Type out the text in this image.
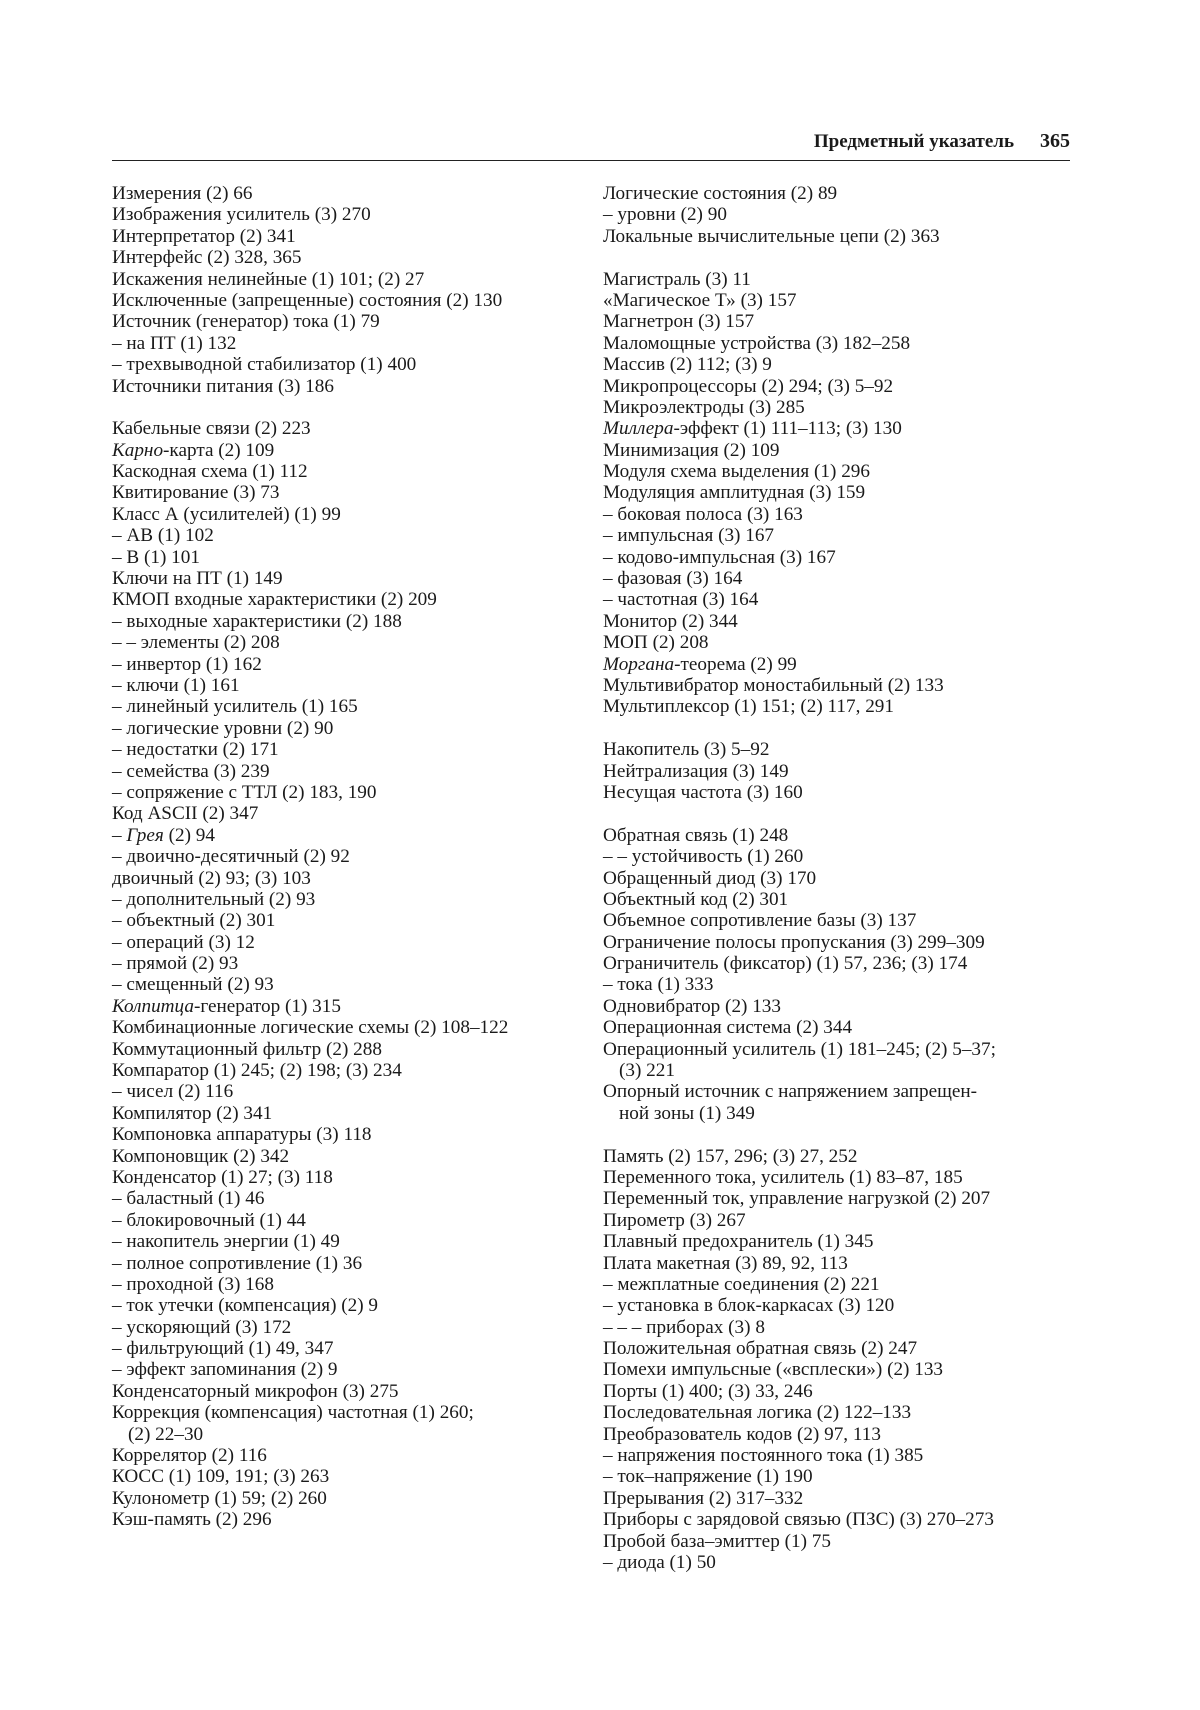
Предметный указатель 365
Измерения (2) 66
Изображения усилитель (3) 270
Интерпретатор (2) 341
Интерфейс (2) 328, 365
Искажения нелинейные (1) 101; (2) 27
Исключенные (запрещенные) состояния (2) 130
Источник (генератор) тока (1) 79
– на ПТ (1) 132
– трехвыводной стабилизатор (1) 400
Источники питания (3) 186
Кабельные связи (2) 223
Карно-карта (2) 109
Каскодная схема (1) 112
Квитирование (3) 73
Класс А (усилителей) (1) 99
– АВ (1) 102
– В (1) 101
Ключи на ПТ (1) 149
КМОП входные характеристики (2) 209
– выходные характеристики (2) 188
– – элементы (2) 208
– инвертор (1) 162
– ключи (1) 161
– линейный усилитель (1) 165
– логические уровни (2) 90
– недостатки (2) 171
– семейства (3) 239
– сопряжение с ТТЛ (2) 183, 190
Код ASCII (2) 347
– Грея (2) 94
– двоично-десятичный (2) 92
двоичный (2) 93; (3) 103
– дополнительный (2) 93
– объектный (2) 301
– операций (3) 12
– прямой (2) 93
– смещенный (2) 93
Колпитца-генератор (1) 315
Комбинационные логические схемы (2) 108–122
Коммутационный фильтр (2) 288
Компаратор (1) 245; (2) 198; (3) 234
– чисел (2) 116
Компилятор (2) 341
Компоновка аппаратуры (3) 118
Компоновщик (2) 342
Конденсатор (1) 27; (3) 118
– баластный (1) 46
– блокировочный (1) 44
– накопитель энергии (1) 49
– полное сопротивление (1) 36
– проходной (3) 168
– ток утечки (компенсация) (2) 9
– ускоряющий (3) 172
– фильтрующий (1) 49, 347
– эффект запоминания (2) 9
Конденсаторный микрофон (3) 275
Коррекция (компенсация) частотная (1) 260;
(2) 22–30
Коррелятор (2) 116
КОСС (1) 109, 191; (3) 263
Кулонометр (1) 59; (2) 260
Кэш-память (2) 296
Логические состояния (2) 89
– уровни (2) 90
Локальные вычислительные цепи (2) 363
Магистраль (3) 11
«Магическое Т» (3) 157
Магнетрон (3) 157
Маломощные устройства (3) 182–258
Массив (2) 112; (3) 9
Микропроцессоры (2) 294; (3) 5–92
Микроэлектроды (3) 285
Миллера-эффект (1) 111–113; (3) 130
Минимизация (2) 109
Модуля схема выделения (1) 296
Модуляция амплитудная (3) 159
– боковая полоса (3) 163
– импульсная (3) 167
– кодово-импульсная (3) 167
– фазовая (3) 164
– частотная (3) 164
Монитор (2) 344
МОП (2) 208
Моргана-теорема (2) 99
Мультивибратор моностабильный (2) 133
Мультиплексор (1) 151; (2) 117, 291
Накопитель (3) 5–92
Нейтрализация (3) 149
Несущая частота (3) 160
Обратная связь (1) 248
– – устойчивость (1) 260
Обращенный диод (3) 170
Объектный код (2) 301
Объемное сопротивление базы (3) 137
Ограничение полосы пропускания (3) 299–309
Ограничитель (фиксатор) (1) 57, 236; (3) 174
– тока (1) 333
Одновибратор (2) 133
Операционная система (2) 344
Операционный усилитель (1) 181–245; (2) 5–37;
(3) 221
Опорный источник с напряжением запрещен-
ной зоны (1) 349
Память (2) 157, 296; (3) 27, 252
Переменного тока, усилитель (1) 83–87, 185
Переменный ток, управление нагрузкой (2) 207
Пирометр (3) 267
Плавный предохранитель (1) 345
Плата макетная (3) 89, 92, 113
– межплатные соединения (2) 221
– установка в блок-каркасах (3) 120
– – – приборах (3) 8
Положительная обратная связь (2) 247
Помехи импульсные («всплески») (2) 133
Порты (1) 400; (3) 33, 246
Последовательная логика (2) 122–133
Преобразователь кодов (2) 97, 113
– напряжения постоянного тока (1) 385
– ток–напряжение (1) 190
Прерывания (2) 317–332
Приборы с зарядовой связью (ПЗС) (3) 270–273
Пробой база–эмиттер (1) 75
– диода (1) 50
